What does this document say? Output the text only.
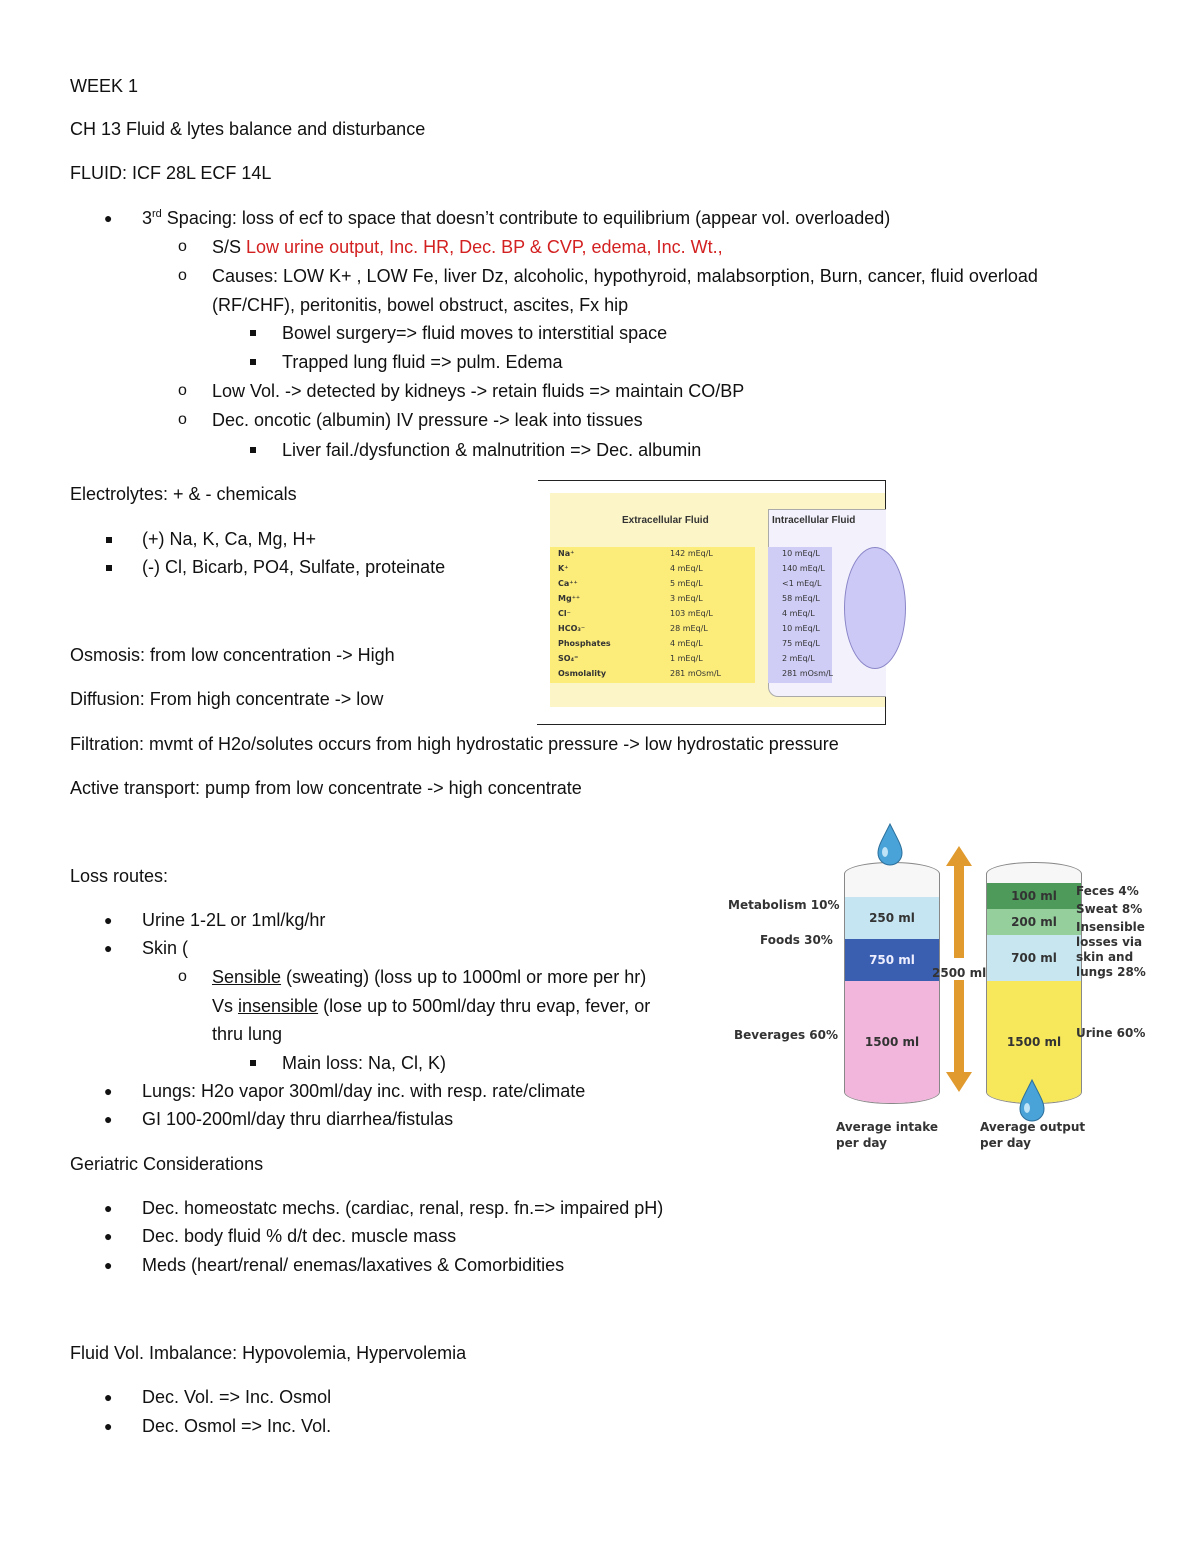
WEEK 1
CH 13 Fluid & lytes balance and disturbance
FLUID: ICF 28L ECF 14L
● 3rd Spacing: loss of ecf to space that doesn’t contribute to equilibrium (appear vol. overloaded)
o S/S Low urine output, Inc. HR, Dec. BP & CVP, edema, Inc. Wt.,
o Causes: LOW K+ , LOW Fe, liver Dz, alcoholic, hypothyroid, malabsorption, Burn, cancer, fluid overload
(RF/CHF), peritonitis, bowel obstruct, ascites, Fx hip
Bowel surgery=> fluid moves to interstitial space
Trapped lung fluid => pulm. Edema
o Low Vol. -> detected by kidneys -> retain fluids => maintain CO/BP
o Dec. oncotic (albumin) IV pressure -> leak into tissues
Liver fail./dysfunction & malnutrition => Dec. albumin
Electrolytes: + & - chemicals
(+) Na, K, Ca, Mg, H+
(-) Cl, Bicarb, PO4, Sulfate, proteinate
Extracellular Fluid	Intracellular Fluid
Na⁺	142 mEq/L	10 mEq/L
K⁺	4 mEq/L	140 mEq/L
Ca⁺⁺	5 mEq/L	<1 mEq/L
Mg⁺⁺	3 mEq/L	58 mEq/L
Cl⁻	103 mEq/L	4 mEq/L
HCO₃⁻	28 mEq/L	10 mEq/L
Phosphates	4 mEq/L	75 mEq/L
SO₄⁼	1 mEq/L	2 mEq/L
Osmolality	281 mOsm/L	281 mOsm/L
Osmosis: from low concentration -> High
Diffusion: From high concentrate -> low
Filtration: mvmt of H2o/solutes occurs from high hydrostatic pressure -> low hydrostatic pressure
Active transport: pump from low concentrate -> high concentrate
Loss routes:
● Urine 1-2L or 1ml/kg/hr
● Skin (
o Sensible (sweating) (loss up to 1000ml or more per hr)
Vs insensible (lose up to 500ml/day thru evap, fever, or
thru lung
Main loss: Na, Cl, K)
● Lungs: H2o vapor 300ml/day inc. with resp. rate/climate
● GI 100-200ml/day thru diarrhea/fistulas
Metabolism 10%
Foods 30%
Beverages 60%
250 ml
750 ml
1500 ml
2500 ml
100 ml
200 ml
700 ml
1500 ml
Feces 4%
Sweat 8%
Insensible
losses via
skin and
lungs 28%
Urine 60%
Average intake
per day
Average output
per day
Geriatric Considerations
● Dec. homeostatc mechs. (cardiac, renal, resp. fn.=> impaired pH)
● Dec. body fluid % d/t dec. muscle mass
● Meds (heart/renal/ enemas/laxatives & Comorbidities
Fluid Vol. Imbalance: Hypovolemia, Hypervolemia
● Dec. Vol. => Inc. Osmol
● Dec. Osmol => Inc. Vol.
